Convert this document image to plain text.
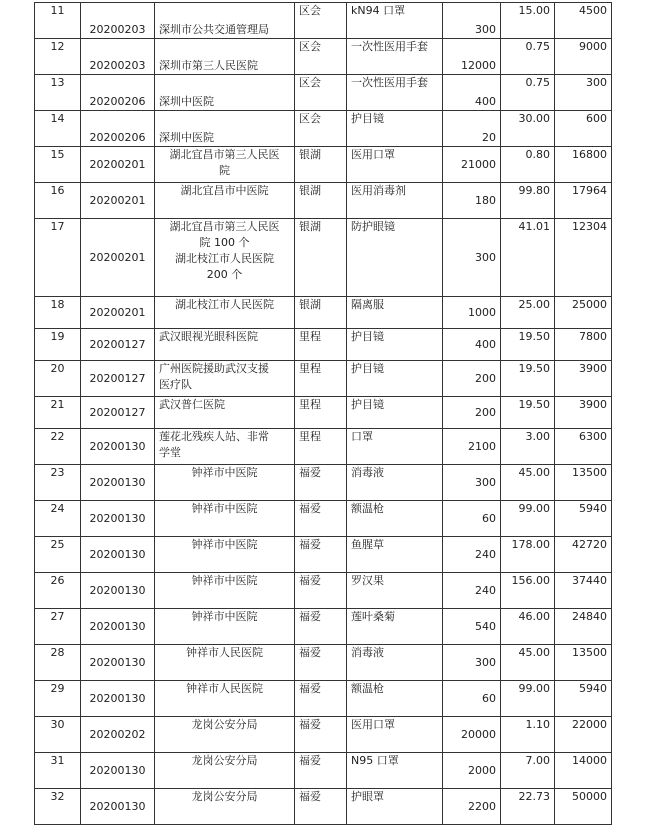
11	20200203	深圳市公共交通管理局	区会	kN94 口罩	300	15.00	4500
12	20200203	深圳市第三人民医院	区会	一次性医用手套	12000	0.75	9000
13	20200206	深圳中医院	区会	一次性医用手套	400	0.75	300
14	20200206	深圳中医院	区会	护目镜	20	30.00	600
15	20200201	湖北宜昌市第三人民医
院	银湖	医用口罩	21000	0.80	16800
16	20200201	湖北宜昌市中医院	银湖	医用消毒剂	180	99.80	17964
17	20200201	湖北宜昌市第三人民医
院 100 个
湖北枝江市人民医院
200 个	银湖	防护眼镜	300	41.01	12304
18	20200201	湖北枝江市人民医院	银湖	隔离服	1000	25.00	25000
19	20200127	武汉眼视光眼科医院	里程	护目镜	400	19.50	7800
20	20200127	广州医院援助武汉支援
医疗队	里程	护目镜	200	19.50	3900
21	20200127	武汉普仁医院	里程	护目镜	200	19.50	3900
22	20200130	莲花北残疾人站、非常
学堂	里程	口罩	2100	3.00	6300
23	20200130	钟祥市中医院	福爱	消毒液	300	45.00	13500
24	20200130	钟祥市中医院	福爱	额温枪	60	99.00	5940
25	20200130	钟祥市中医院	福爱	鱼腥草	240	178.00	42720
26	20200130	钟祥市中医院	福爱	罗汉果	240	156.00	37440
27	20200130	钟祥市中医院	福爱	莲叶桑菊	540	46.00	24840
28	20200130	钟祥市人民医院	福爱	消毒液	300	45.00	13500
29	20200130	钟祥市人民医院	福爱	额温枪	60	99.00	5940
30	20200202	龙岗公安分局	福爱	医用口罩	20000	1.10	22000
31	20200130	龙岗公安分局	福爱	N95 口罩	2000	7.00	14000
32	20200130	龙岗公安分局	福爱	护眼罩	2200	22.73	50000
